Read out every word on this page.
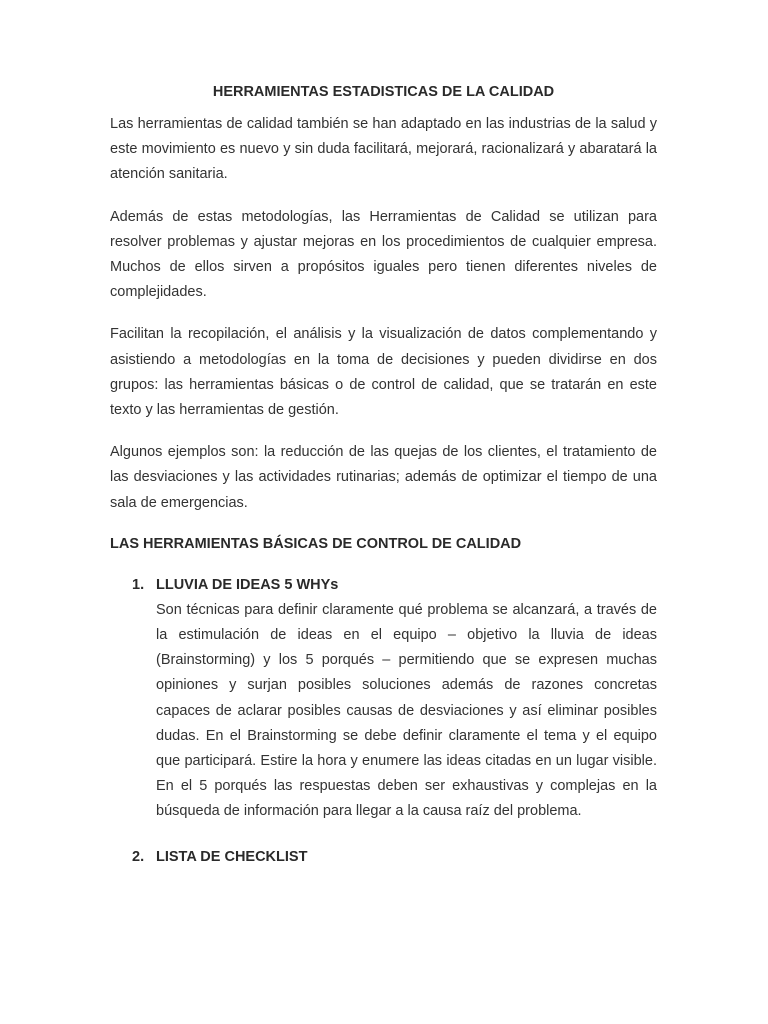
HERRAMIENTAS ESTADISTICAS DE LA CALIDAD

Las herramientas de calidad también se han adaptado en las industrias de la salud y este movimiento es nuevo y sin duda facilitará, mejorará, racionalizará y abaratará la atención sanitaria.

Además de estas metodologías, las Herramientas de Calidad se utilizan para resolver problemas y ajustar mejoras en los procedimientos de cualquier empresa. Muchos de ellos sirven a propósitos iguales pero tienen diferentes niveles de complejidades.

Facilitan la recopilación, el análisis y la visualización de datos complementando y asistiendo a metodologías en la toma de decisiones y pueden dividirse en dos grupos: las herramientas básicas o de control de calidad, que se tratarán en este texto y las herramientas de gestión.

Algunos ejemplos son: la reducción de las quejas de los clientes, el tratamiento de las desviaciones y las actividades rutinarias; además de optimizar el tiempo de una sala de emergencias.

LAS HERRAMIENTAS BÁSICAS DE CONTROL DE CALIDAD
1. LLUVIA DE IDEAS 5 WHYs

Son técnicas para definir claramente qué problema se alcanzará, a través de la estimulación de ideas en el equipo – objetivo la lluvia de ideas (Brainstorming) y los 5 porqués – permitiendo que se expresen muchas opiniones y surjan posibles soluciones además de razones concretas capaces de aclarar posibles causas de desviaciones y así eliminar posibles dudas. En el Brainstorming se debe definir claramente el tema y el equipo que participará. Estire la hora y enumere las ideas citadas en un lugar visible. En el 5 porqués las respuestas deben ser exhaustivas y complejas en la búsqueda de información para llegar a la causa raíz del problema.

2. LISTA DE CHECKLIST
